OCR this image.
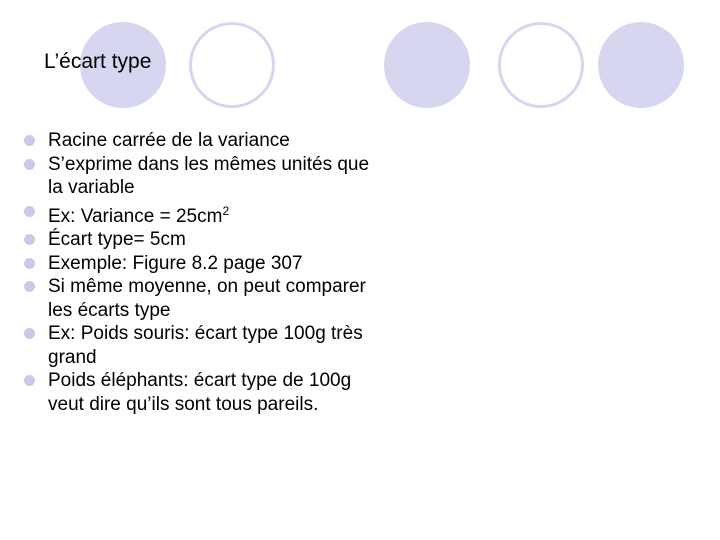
L’écart type
Racine carrée de la variance
S’exprime dans les mêmes unités que la variable
Ex: Variance = $25cm^2$
Écart type= 5cm
Exemple: Figure 8.2 page 307
Si même moyenne, on peut comparer les écarts type
Ex: Poids souris: écart type 100g très grand
Poids éléphants: écart type de 100g veut dire qu’ils sont tous pareils.
